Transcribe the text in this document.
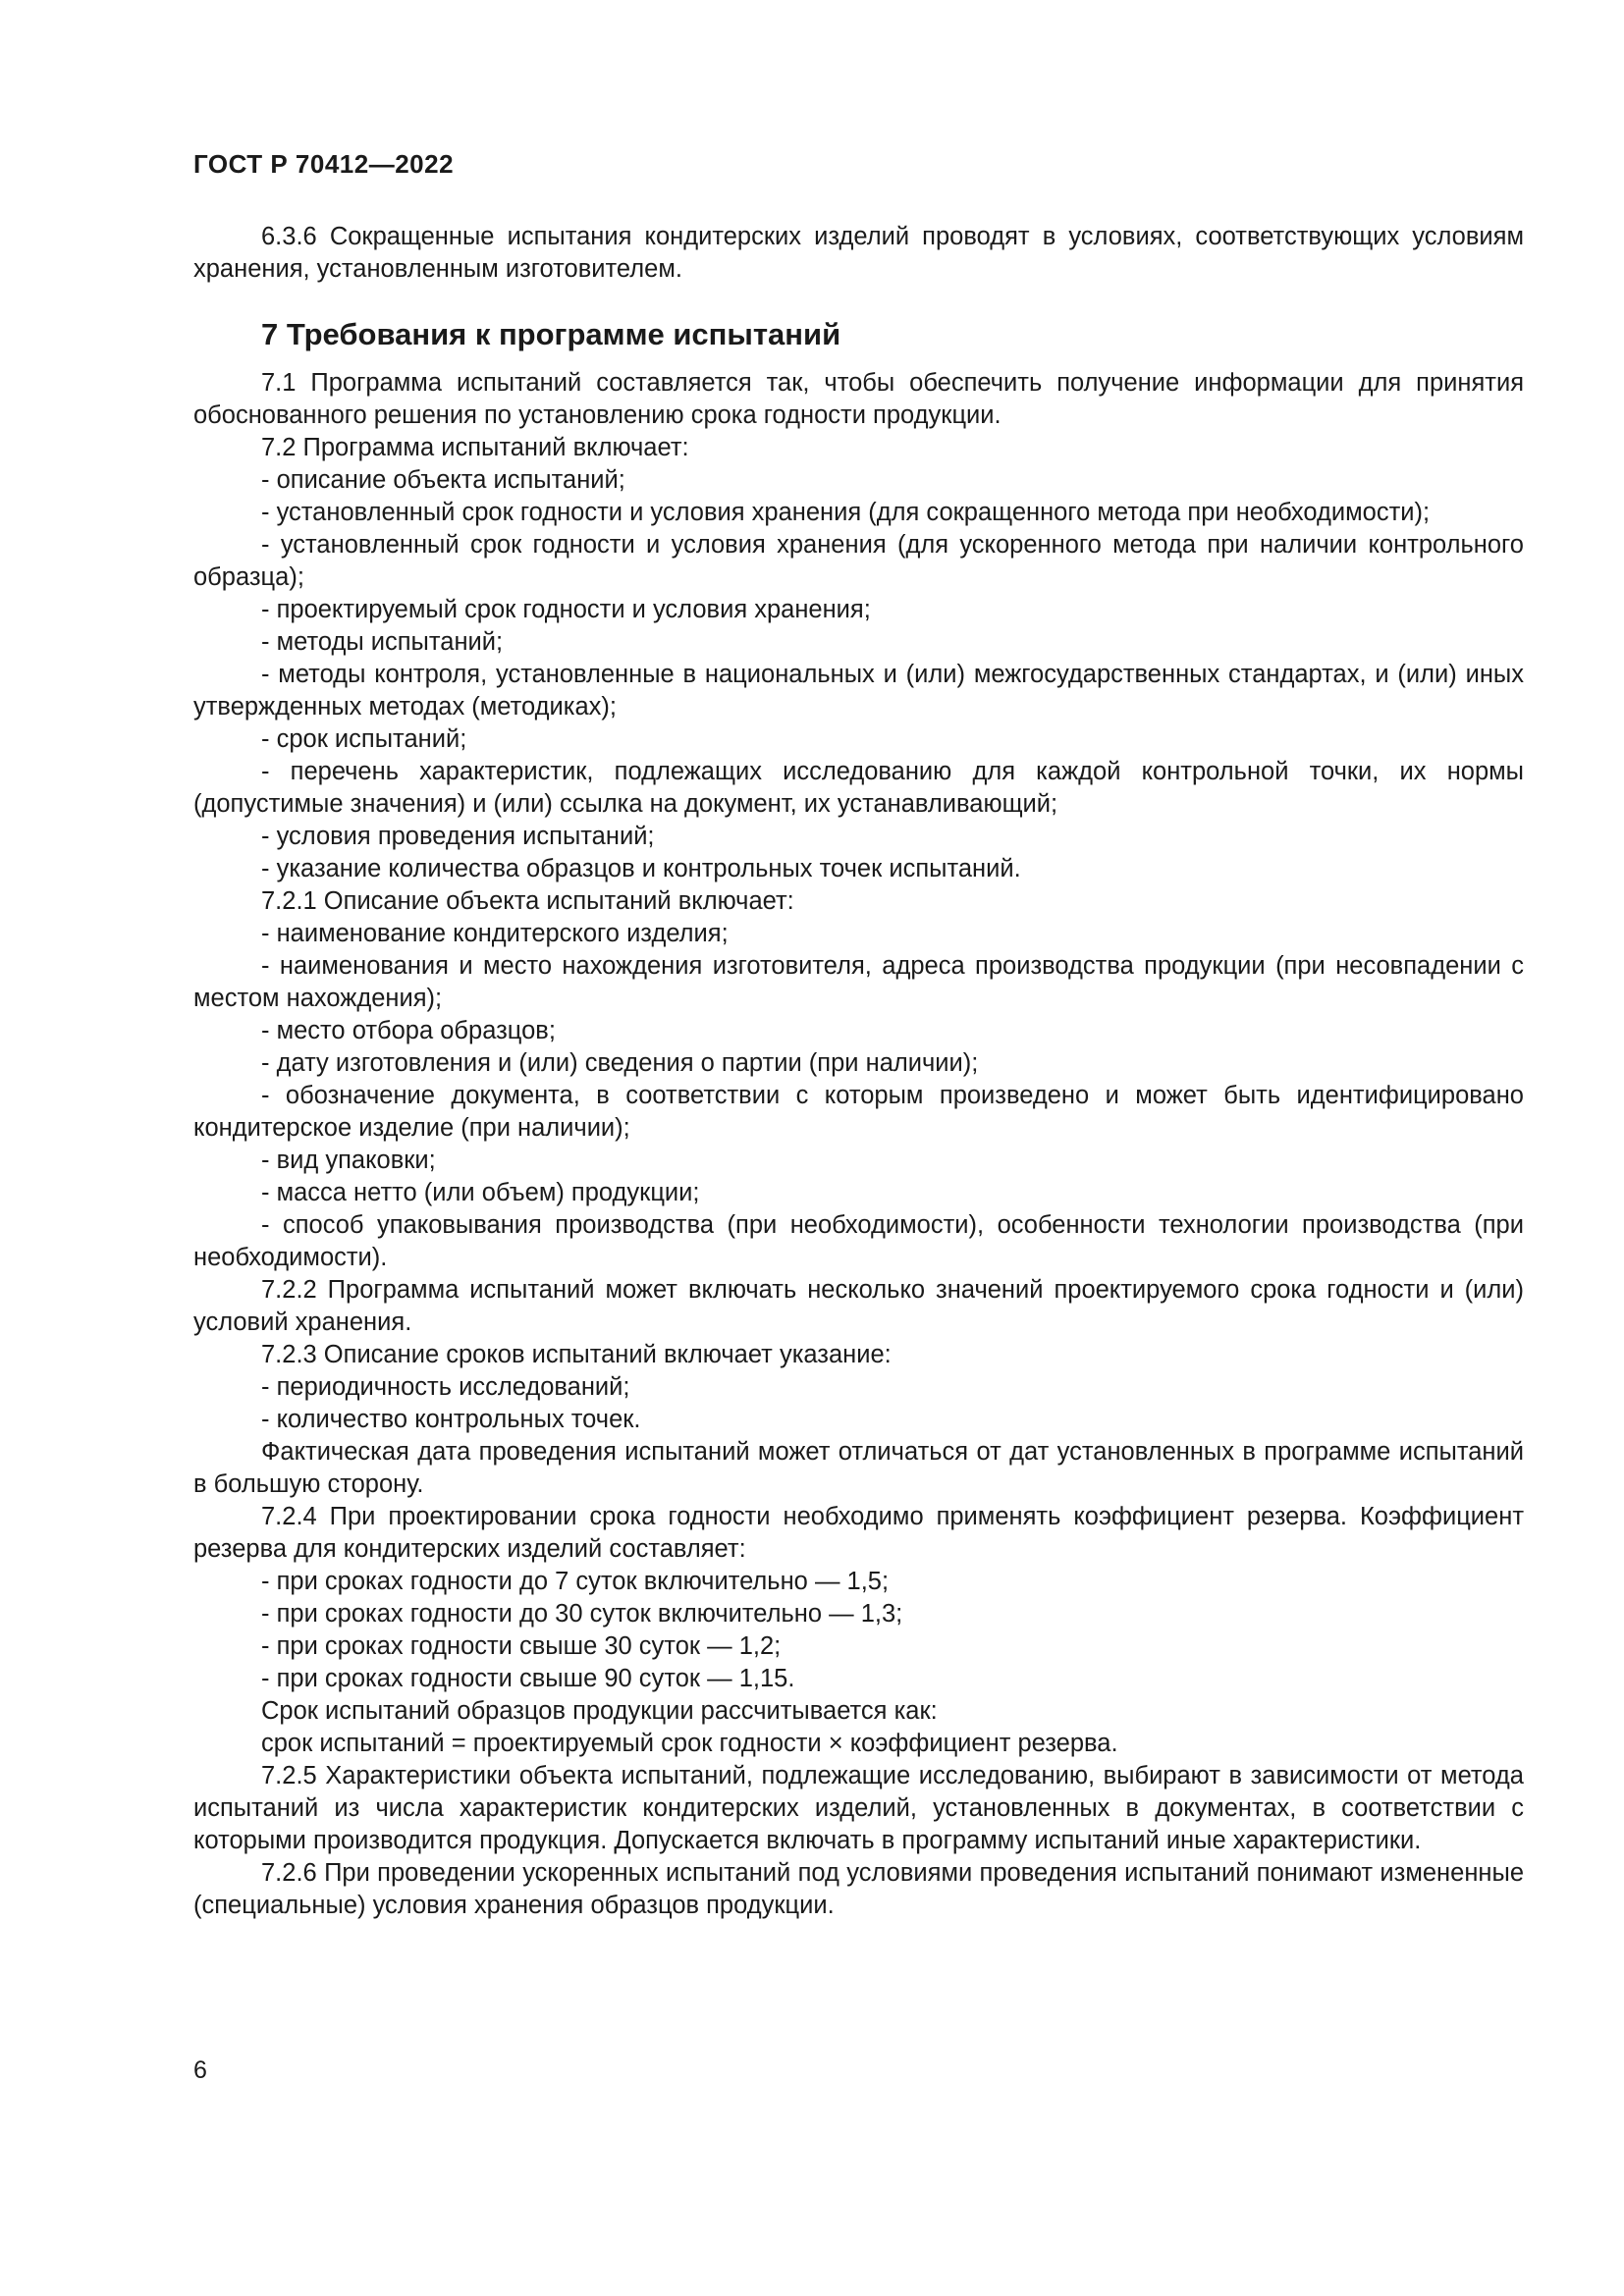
ГОСТ Р 70412—2022

6.3.6 Сокращенные испытания кондитерских изделий проводят в условиях, соответствующих условиям хранения, установленным изготовителем.

7 Требования к программе испытаний

7.1 Программа испытаний составляется так, чтобы обеспечить получение информации для принятия обоснованного решения по установлению срока годности продукции.

7.2 Программа испытаний включает:

- описание объекта испытаний;

- установленный срок годности и условия хранения (для сокращенного метода при необходимости);

- установленный срок годности и условия хранения (для ускоренного метода при наличии контрольного образца);

- проектируемый срок годности и условия хранения;

- методы испытаний;

- методы контроля, установленные в национальных и (или) межгосударственных стандартах, и (или) иных утвержденных методах (методиках);

- срок испытаний;

- перечень характеристик, подлежащих исследованию для каждой контрольной точки, их нормы (допустимые значения) и (или) ссылка на документ, их устанавливающий;

- условия проведения испытаний;

- указание количества образцов и контрольных точек испытаний.

7.2.1 Описание объекта испытаний включает:

- наименование кондитерского изделия;

- наименования и место нахождения изготовителя, адреса производства продукции (при несовпадении с местом нахождения);

- место отбора образцов;

- дату изготовления и (или) сведения о партии (при наличии);

- обозначение документа, в соответствии с которым произведено и может быть идентифицировано кондитерское изделие (при наличии);

- вид упаковки;

- масса нетто (или объем) продукции;

- способ упаковывания производства (при необходимости), особенности технологии производства (при необходимости).

7.2.2 Программа испытаний может включать несколько значений проектируемого срока годности и (или) условий хранения.

7.2.3 Описание сроков испытаний включает указание:

- периодичность исследований;

- количество контрольных точек.

Фактическая дата проведения испытаний может отличаться от дат установленных в программе испытаний в большую сторону.

7.2.4 При проектировании срока годности необходимо применять коэффициент резерва. Коэффициент резерва для кондитерских изделий составляет:

- при сроках годности до 7 суток включительно — 1,5;

- при сроках годности до 30 суток включительно — 1,3;

- при сроках годности свыше 30 суток — 1,2;

- при сроках годности свыше 90 суток — 1,15.

Срок испытаний образцов продукции рассчитывается как:

срок испытаний = проектируемый срок годности × коэффициент резерва.

7.2.5 Характеристики объекта испытаний, подлежащие исследованию, выбирают в зависимости от метода испытаний из числа характеристик кондитерских изделий, установленных в документах, в соответствии с которыми производится продукция. Допускается включать в программу испытаний иные характеристики.

7.2.6 При проведении ускоренных испытаний под условиями проведения испытаний понимают измененные (специальные) условия хранения образцов продукции.

6
